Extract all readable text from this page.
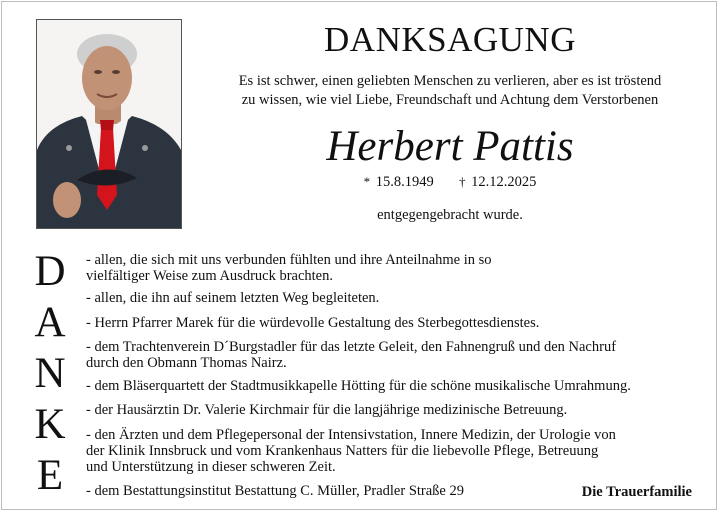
DANKSAGUNG
Es ist schwer, einen geliebten Menschen zu verlieren, aber es ist tröstend
zu wissen, wie viel Liebe, Freundschaft und Achtung dem Verstorbenen
Herbert Pattis
* 15.8.1949 † 12.12.2025
entgegengebracht wurde.
D
A
N
K
E
- allen, die sich mit uns verbunden fühlten und ihre Anteilnahme in so
vielfältiger Weise zum Ausdruck brachten.
- allen, die ihn auf seinem letzten Weg begleiteten.
- Herrn Pfarrer Marek für die würdevolle Gestaltung des Sterbegottesdienstes.
- dem Trachtenverein D´Burgstadler für das letzte Geleit, den Fahnengruß und den Nachruf
durch den Obmann Thomas Nairz.
- dem Bläserquartett der Stadtmusikkapelle Hötting für die schöne musikalische Umrahmung.
- der Hausärztin Dr. Valerie Kirchmair für die langjährige medizinische Betreuung.
- den Ärzten und dem Pflegepersonal der Intensivstation, Innere Medizin, der Urologie von
der Klinik Innsbruck und vom Krankenhaus Natters für die liebevolle Pflege, Betreuung
und Unterstützung in dieser schweren Zeit.
- dem Bestattungsinstitut Bestattung C. Müller, Pradler Straße 29	Die Trauerfamilie
